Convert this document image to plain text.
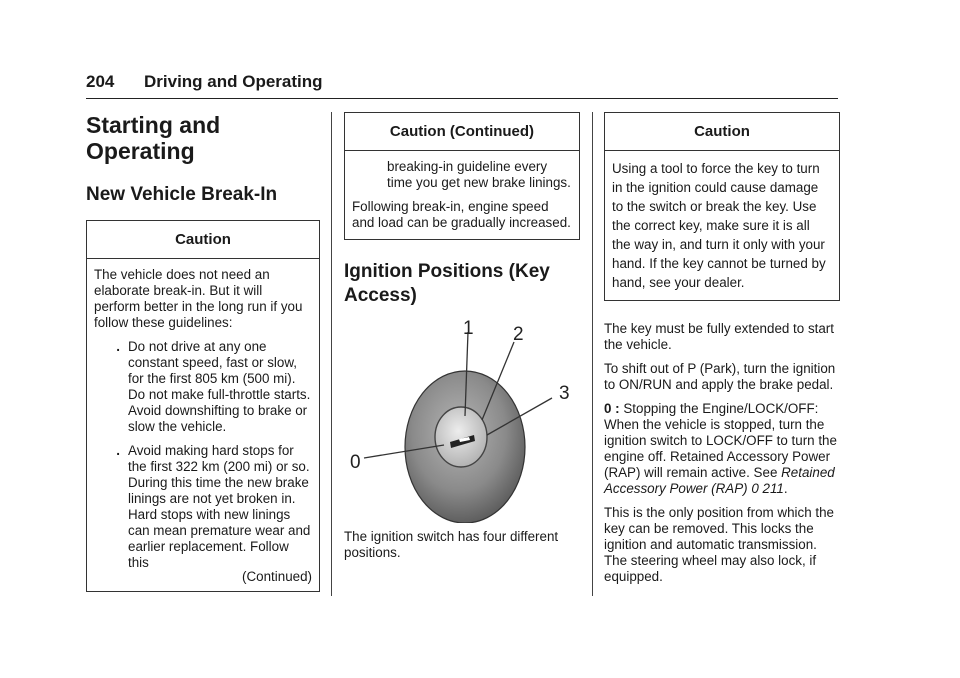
204 Driving and Operating
Starting and
Operating
New Vehicle Break-In
Caution

The vehicle does not need an elaborate break-in. But it will perform better in the long run if you follow these guidelines:

. Do not drive at any one constant speed, fast or slow, for the first 805 km (500 mi). Do not make full-throttle starts. Avoid downshifting to brake or slow the vehicle.
. Avoid making hard stops for the first 322 km (200 mi) or so. During this time the new brake linings are not yet broken in. Hard stops with new linings can mean premature wear and earlier replacement. Follow this
(Continued)
Caution (Continued)

breaking-in guideline every time you get new brake linings.

Following break-in, engine speed and load can be gradually increased.

Ignition Positions (Key
Access)
1 2
3
0

The ignition switch has four different positions.

Caution

Using a tool to force the key to turn in the ignition could cause damage to the switch or break the key. Use the correct key, make sure it is all the way in, and turn it only with your hand. If the key cannot be turned by hand, see your dealer.

The key must be fully extended to start the vehicle.

To shift out of P (Park), turn the ignition to ON/RUN and apply the brake pedal.

0 : Stopping the Engine/LOCK/OFF: When the vehicle is stopped, turn the ignition switch to LOCK/OFF to turn the engine off. Retained Accessory Power (RAP) will remain active. See Retained Accessory Power (RAP) 0 211.

This is the only position from which the key can be removed. This locks the ignition and automatic transmission. The steering wheel may also lock, if equipped.
